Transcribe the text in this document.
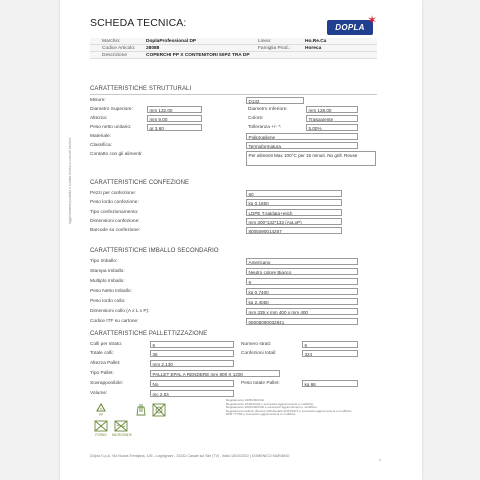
Aggiornamento prodotto e scheda tecnica a cura del fornitore
SCHEDA TECNICA:	DOPLA
✶
Marchio:	DoplaProfessional DP	Linea:	Ho.Re.Ca
Codice Articolo: 28088	Famiglia Prod.:	Horeca
Descrizione	COPERCHI PP X CONTENITORI 50PZ TRA DP
CARATTERISTICHE STRUTTURALI
Misure:	D132
Diametro Superiore:	mm 132,00	Diametro Inferiore:	mm 128,00
Altezza:	mm 9,00	Colore:	Trasparente
Peso netto unitario:	gr 3,60	Tolleranza +/- *:	5,00%
Materiale:	Polipropilene
Classifica:	Termoformatura
Contatto con gli alimenti:	Per alimenti Max 100°C per 15 minuti. No grill. Reuse
CARATTERISTICHE CONFEZIONE
Pezzi per confezione:	50
Peso lordo confezione:	kg 0,1850
Tipo confezionamento:	LDPE T.saldata+etich
Dimensioni confezione:	mm 300*132*132 (AxLxP)
Barcode su confezione:	8005090014267
CARATTERISTICHE IMBALLO SECONDARIO
Tipo Imballo:	Americano
Stampa Imballo:	Neutro colore Bianco
Multiplo Imballo:	9
Peso Netto Imballo:	kg 0,7400
Peso lordo collo:	kg 2,4050
Dimensioni collo (A x L x P):	mm 335 x mm 400 x mm 400
Codice ITF su cartone:	08005090032841
CARATTERISTICHE PALLETTIZZAZIONE
Colli per strato:	6	Numero strati:	6
Totale colli:	36	Confezioni totali:	324
Altezza Pallet:	mm 2.130
Tipo Pallet:	PALLET EPAL A RENDERE mm 800 X 1200
Sovrapponibile:	No	Peso totale Pallet:	kg 86
Volume:	mc 2,04
5
PP
FORNO	MICROONDE
Regolamento 1935/2004/CE
Regolamento 10/2011/CE e successivi aggiornamenti e modifiche
Regolamento 2023/2006/CE e successivi aggiornamenti e modifiche
Regolamento italiano (Decreto Ministeriale 21/03/1973 e successivi aggiornamenti e modifiche
DPR 777/82 e successivi aggiornamenti e modifiche
DOpla S.p.A. Via Nuova Trentjana, 126 - Loghignani - 31032 Casale sul Sile (TV) - Italia 18/10/2022 | DOMENICO MARIANO
1
